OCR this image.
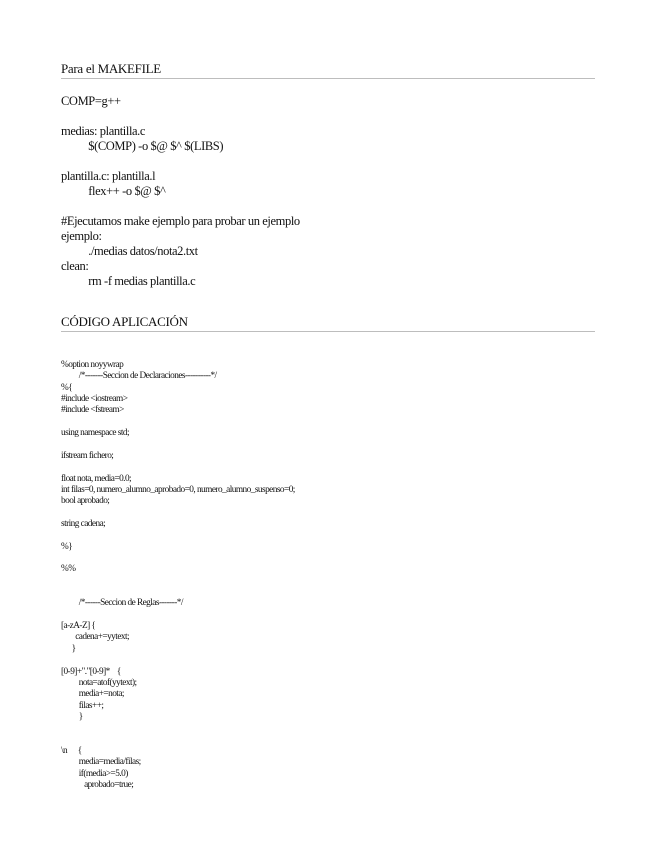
Para el MAKEFILE
COMP=g++
medias: plantilla.c
$(COMP) -o $@ $^ $(LIBS)
plantilla.c: plantilla.l
flex++ -o $@ $^
#Ejecutamos make ejemplo para probar un ejemplo
ejemplo:
./medias datos/nota2.txt
clean:
rm -f medias plantilla.c
CÓDIGO APLICACIÓN
%option noyywrap
/*-------Seccion de Declaraciones----------*/
%{
#include <iostream>
#include <fstream>
using namespace std;
ifstream fichero;
float nota, media=0.0;
int filas=0, numero_alumno_aprobado=0, numero_alumno_suspenso=0;
bool aprobado;
string cadena;
%}
%%
/*------Seccion de Reglas-------*/
[a-zA-Z] {
cadena+=yytext;
}
[0-9]+"."[0-9]*    {
nota=atof(yytext);
media+=nota;
filas++;
}
\n      {
media=media/filas;
if(media>=5.0)
aprobado=true;
